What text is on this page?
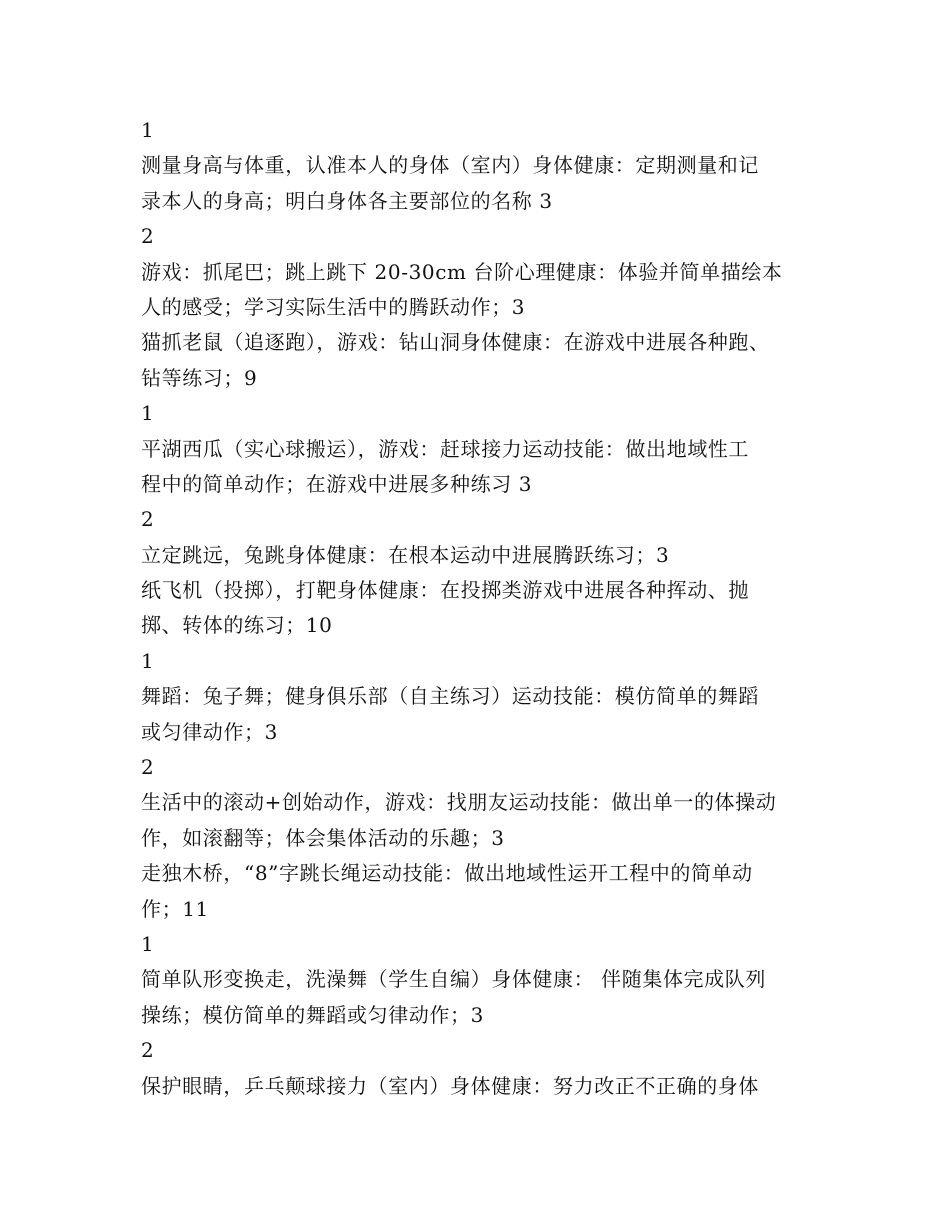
1
测量身高与体重，认准本人的身体（室内）身体健康：定期测量和记
录本人的身高；明白身体各主要部位的名称 3
2
游戏：抓尾巴；跳上跳下 20-30cm 台阶心理健康：体验并简单描绘本
人的感受；学习实际生活中的腾跃动作；3
猫抓老鼠（追逐跑），游戏：钻山洞身体健康：在游戏中进展各种跑、
钻等练习；9
1
平湖西瓜（实心球搬运），游戏：赶球接力运动技能：做出地域性工
程中的简单动作；在游戏中进展多种练习 3
2
立定跳远，兔跳身体健康：在根本运动中进展腾跃练习；3
纸飞机（投掷），打靶身体健康：在投掷类游戏中进展各种挥动、抛
掷、转体的练习；10
1
舞蹈：兔子舞；健身俱乐部（自主练习）运动技能：模仿简单的舞蹈
或匀律动作；3
2
生活中的滚动+创始动作，游戏：找朋友运动技能：做出单一的体操动
作，如滚翻等；体会集体活动的乐趣；3
走独木桥，“8”字跳长绳运动技能：做出地域性运开工程中的简单动
作；11
1
简单队形变换走，洗澡舞（学生自编）身体健康： 伴随集体完成队列
操练；模仿简单的舞蹈或匀律动作；3
2
保护眼睛，乒乓颠球接力（室内）身体健康：努力改正不正确的身体
